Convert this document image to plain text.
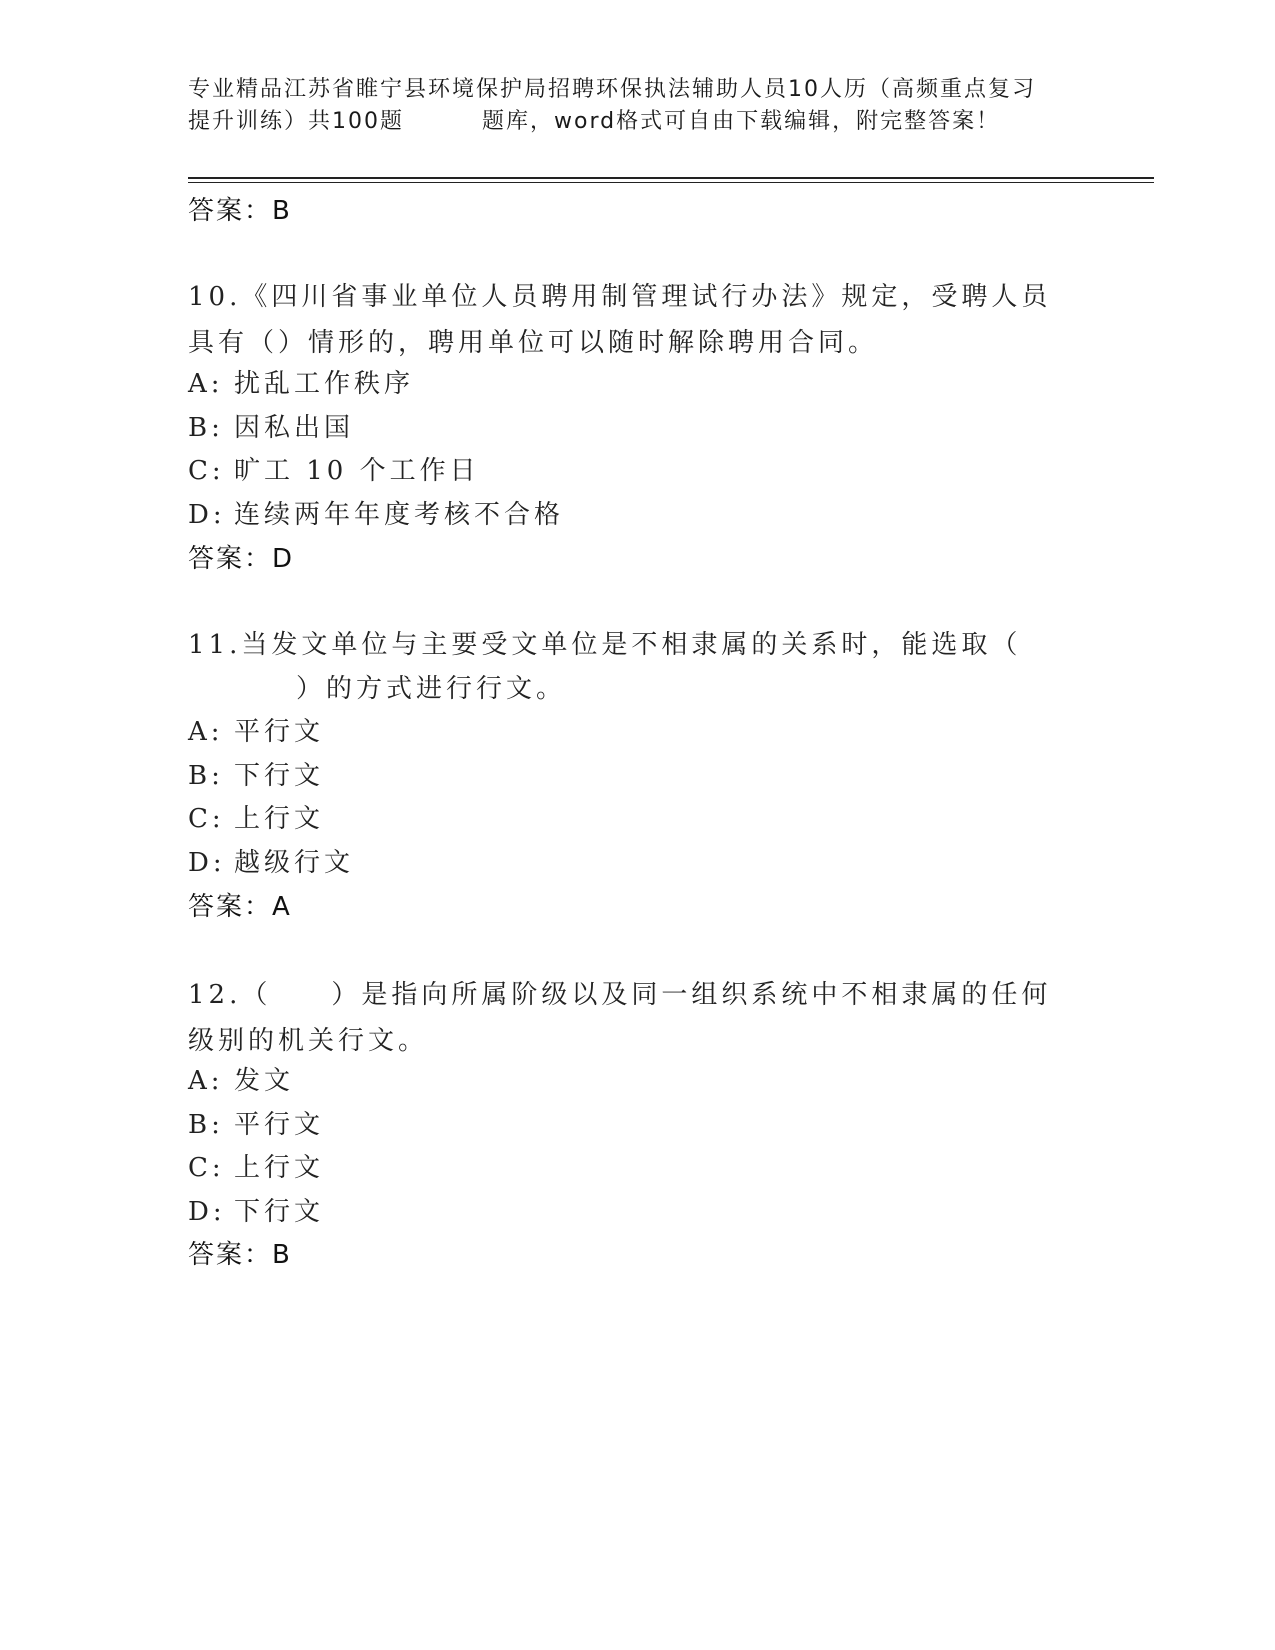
专业精品江苏省睢宁县环境保护局招聘环保执法辅助人员10人历（高频重点复习
提升训练）共100题	题库，word格式可自由下载编辑，附完整答案！
答案：B
10.《四川省事业单位人员聘用制管理试行办法》规定，受聘人员具有（）情形的，聘用单位可以随时解除聘用合同。
A: 扰乱工作秩序
B: 因私出国
C: 旷工 10 个工作日
D: 连续两年年度考核不合格
答案：D
11.当发文单位与主要受文单位是不相隶属的关系时，能选取（
）的方式进行行文。
A: 平行文
B: 下行文
C: 上行文
D: 越级行文
答案：A
12.（　　）是指向所属阶级以及同一组织系统中不相隶属的任何级别的机关行文。
A: 发文
B: 平行文
C: 上行文
D: 下行文
答案：B
